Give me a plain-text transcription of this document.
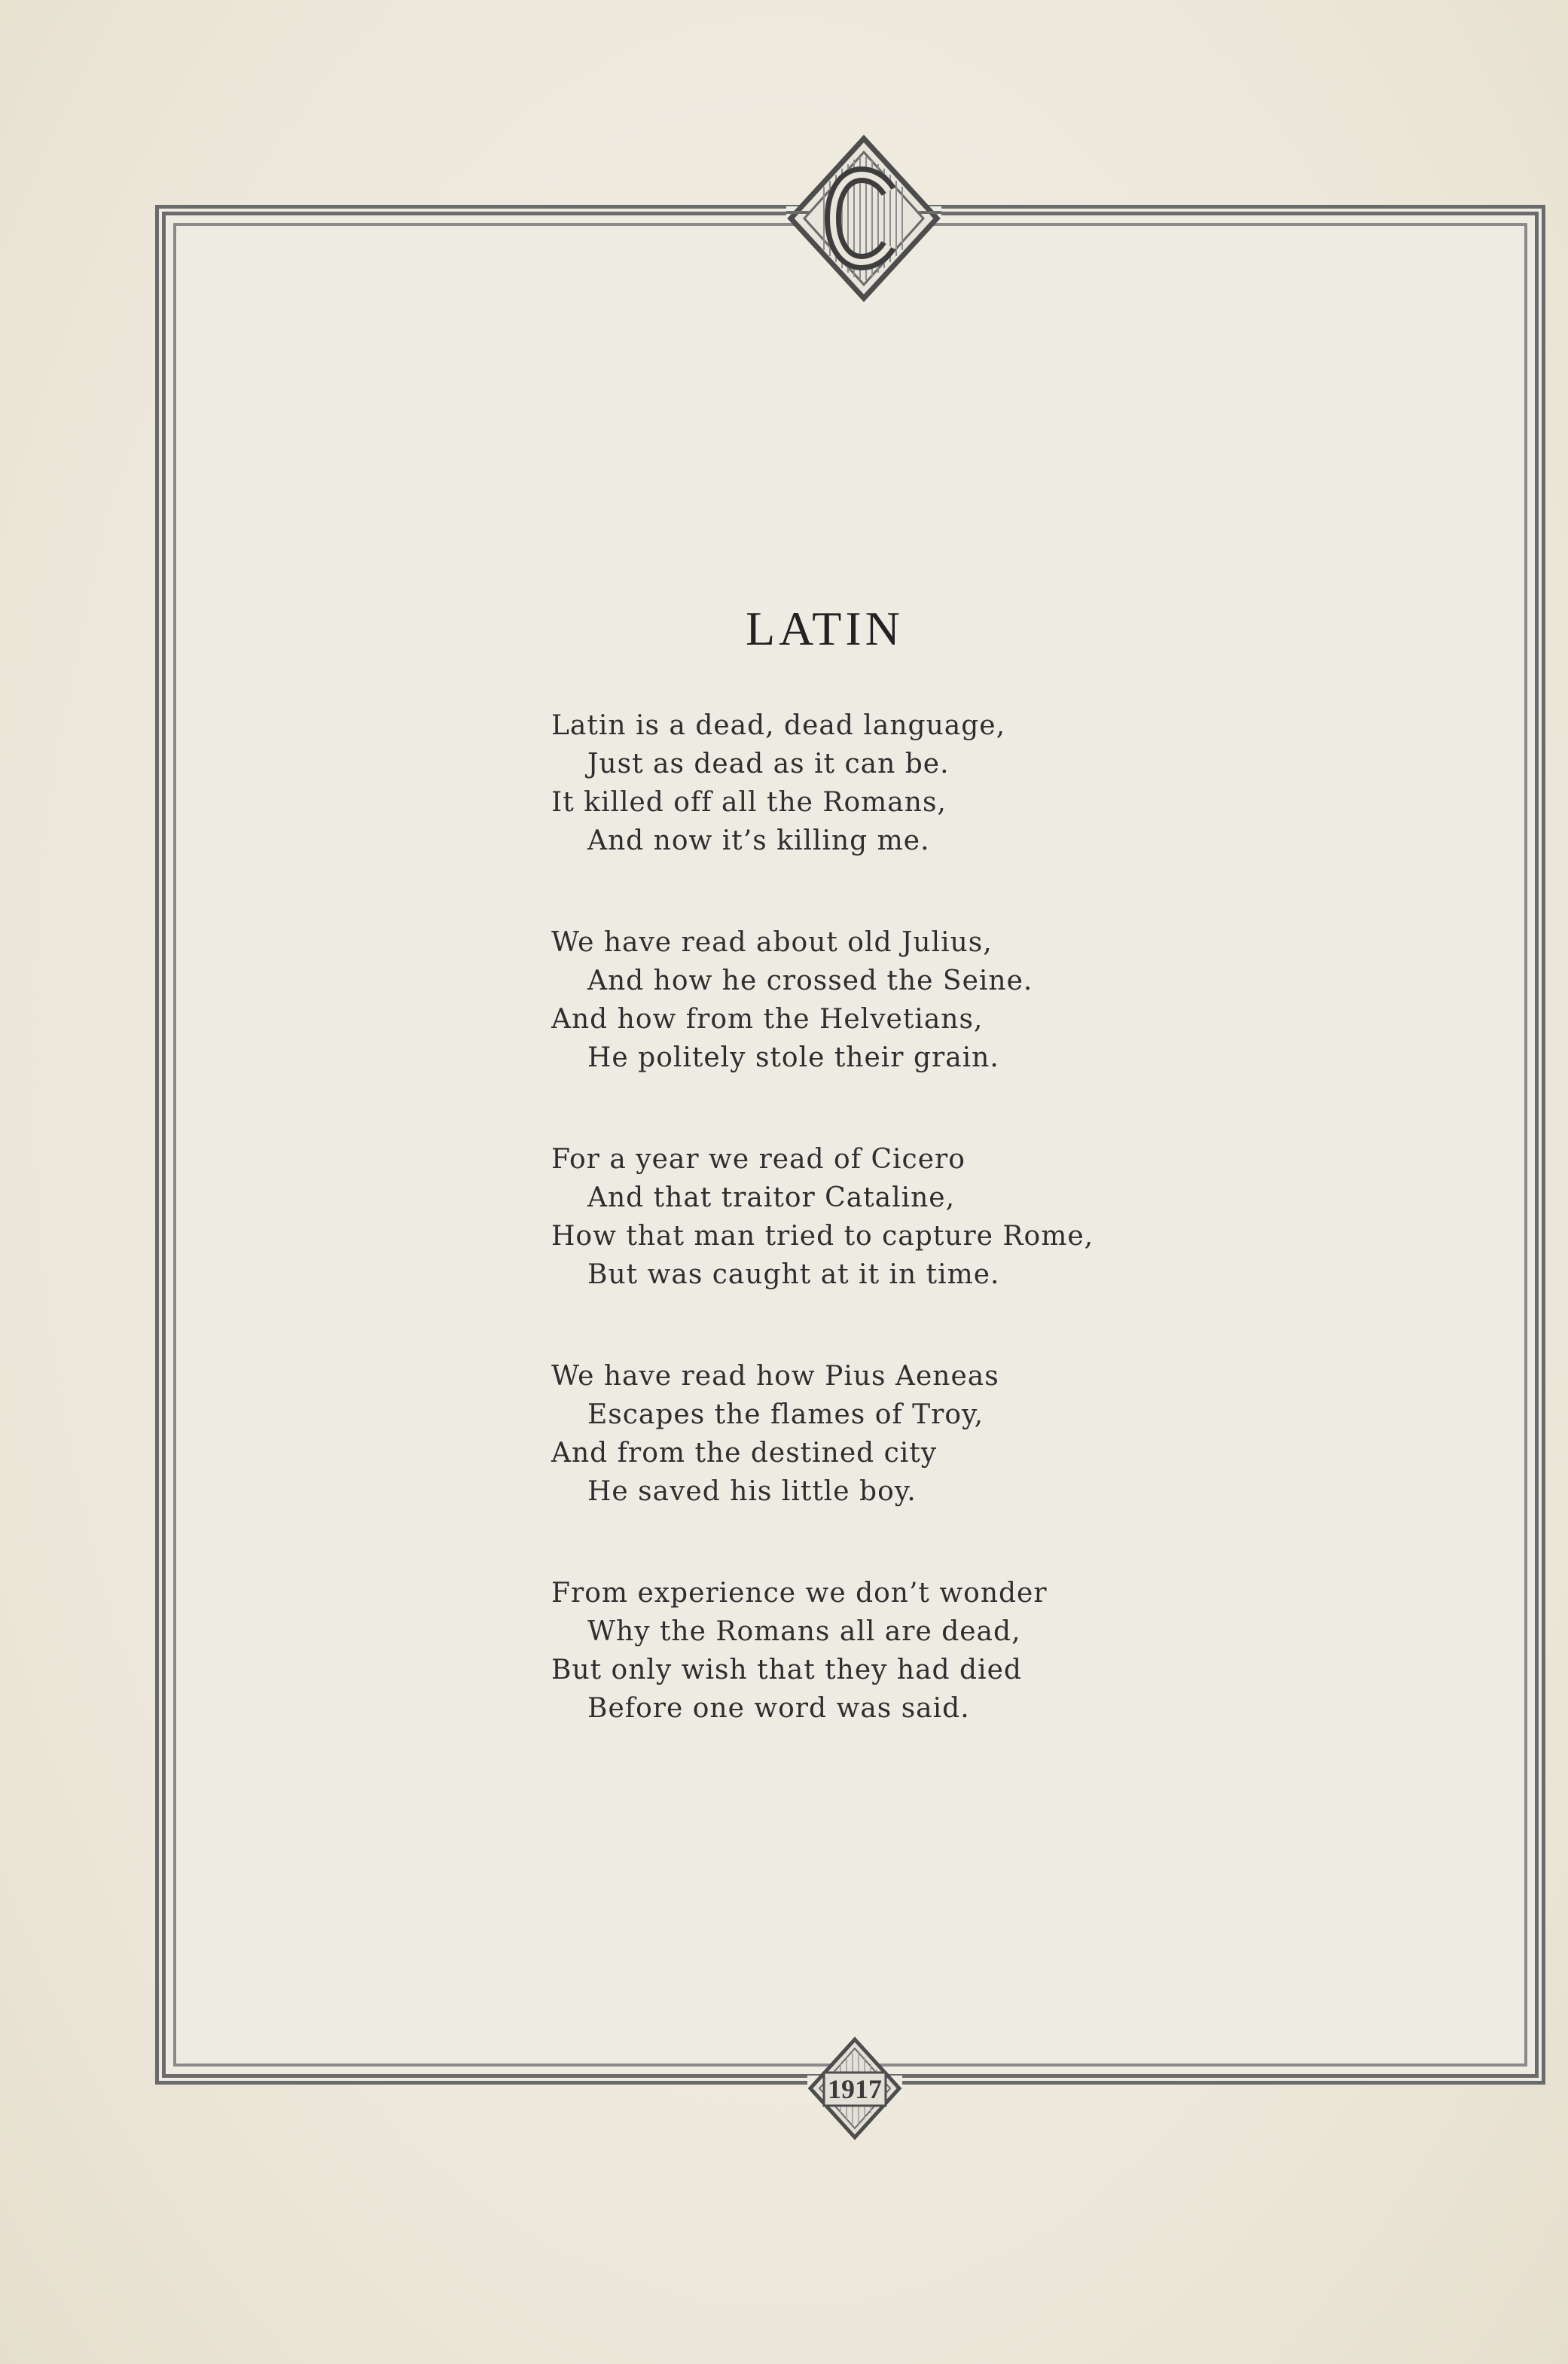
1917
LATIN
Latin is a dead, dead language,
Just as dead as it can be.
It killed off all the Romans,
And now it’s killing me.
We have read about old Julius,
And how he crossed the Seine.
And how from the Helvetians,
He politely stole their grain.
For a year we read of Cicero
And that traitor Cataline,
How that man tried to capture Rome,
But was caught at it in time.
We have read how Pius Aeneas
Escapes the flames of Troy,
And from the destined city
He saved his little boy.
From experience we don’t wonder
Why the Romans all are dead,
But only wish that they had died
Before one word was said.
